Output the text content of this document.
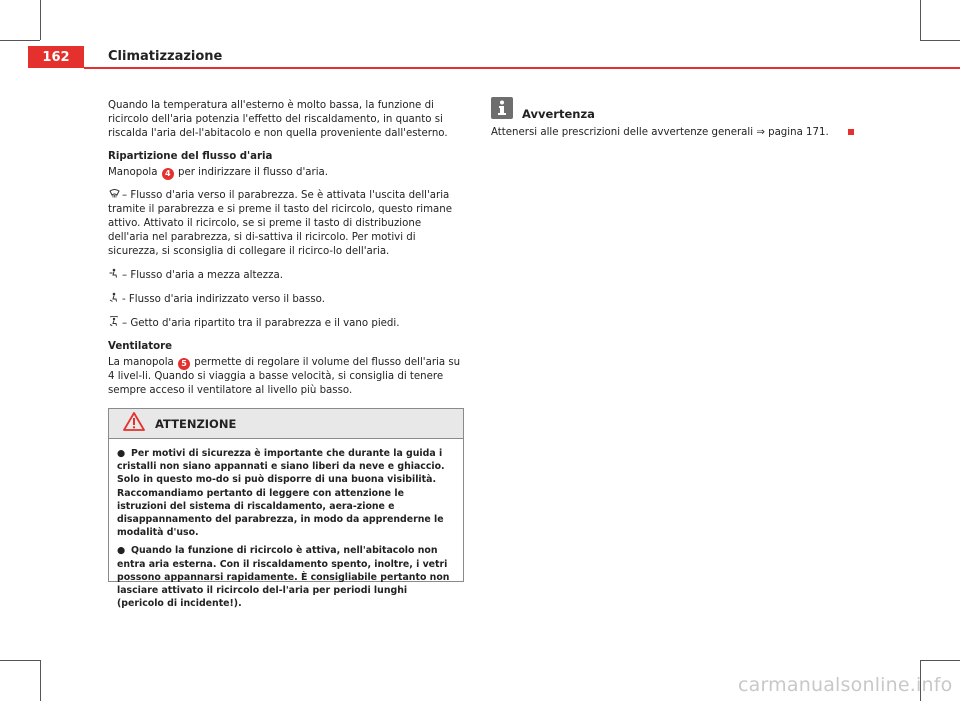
162	Climatizzazione

Quando la temperatura all'esterno è molto bassa, la funzione di ricircolo dell'aria potenzia l'effetto del riscaldamento, in quanto si riscalda l'aria del-l'abitacolo e non quella proveniente dall'esterno.

Ripartizione del flusso d'aria

Manopola 4 per indirizzare il flusso d'aria.

– Flusso d'aria verso il parabrezza. Se è attivata l'uscita dell'aria tramite il parabrezza e si preme il tasto del ricircolo, questo rimane attivo. Attivato il ricircolo, se si preme il tasto di distribuzione dell'aria nel parabrezza, si di-sattiva il ricircolo. Per motivi di sicurezza, si sconsiglia di collegare il ricirco-lo dell'aria.

– Flusso d'aria a mezza altezza.

- Flusso d'aria indirizzato verso il basso.

– Getto d'aria ripartito tra il parabrezza e il vano piedi.

Ventilatore

La manopola 5 permette di regolare il volume del flusso dell'aria su 4 livel-li. Quando si viaggia a basse velocità, si consiglia di tenere sempre acceso il ventilatore al livello più basso.

ATTENZIONE
● Per motivi di sicurezza è importante che durante la guida i cristalli non siano appannati e siano liberi da neve e ghiaccio. Solo in questo mo-do si può disporre di una buona visibilità. Raccomandiamo pertanto di leggere con attenzione le istruzioni del sistema di riscaldamento, aera-zione e disappannamento del parabrezza, in modo da apprenderne le modalità d'uso.
● Quando la funzione di ricircolo è attiva, nell'abitacolo non entra aria esterna. Con il riscaldamento spento, inoltre, i vetri possono appannarsi rapidamente. È consigliabile pertanto non lasciare attivato il ricircolo del-l'aria per periodi lunghi (pericolo di incidente!).
Avvertenza
Attenersi alle prescrizioni delle avvertenze generali ⇒ pagina 171.
carmanualsonline.info
